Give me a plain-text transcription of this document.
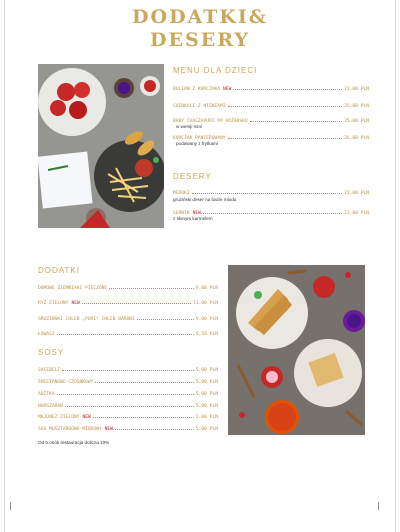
DODATKI&
DESERY
MENU DLA DZIECI
BULION Z KURCZAKA NEW	21,00 PLN
CHINKALI Z WIŚNIAMI	25,00 PLN
BABY CHACZAPURI PO ADŻARSKU	25,00 PLN
w wersji mini
KURCZAK PANIEROWANY	26,00 PLN
podawany z frytkami
DESERY
MEDOKI	23,00 PLN
gruziński deser na bazie miodu
SERNIK NEW	23,00 PLN
z słonym karmelem
DODATKI
DOMOWE ZIEMNIAKI PIECZONE	9,00 PLN
RYŻ ZIELONY NEW	11,00 PLN
GRUZIŃSKI CHLEB „PURI” CHLEB BARONI	9,00 PLN
ŁAWASZ	6,50 PLN
SOSY
SACEBELI	5,00 PLN
ŚMIETANOWO-CZOSNKOWY	5,00 PLN
ADŻIKA	5,00 PLN
NARSZARAB	5,00 PLN
MAJONEZ ZIELONY NEW	5,00 PLN
SOS MUSZTARDOWO-MIODOWY NEW	5,00 PLN
Od 6 osób restauracja dolicza 10%
